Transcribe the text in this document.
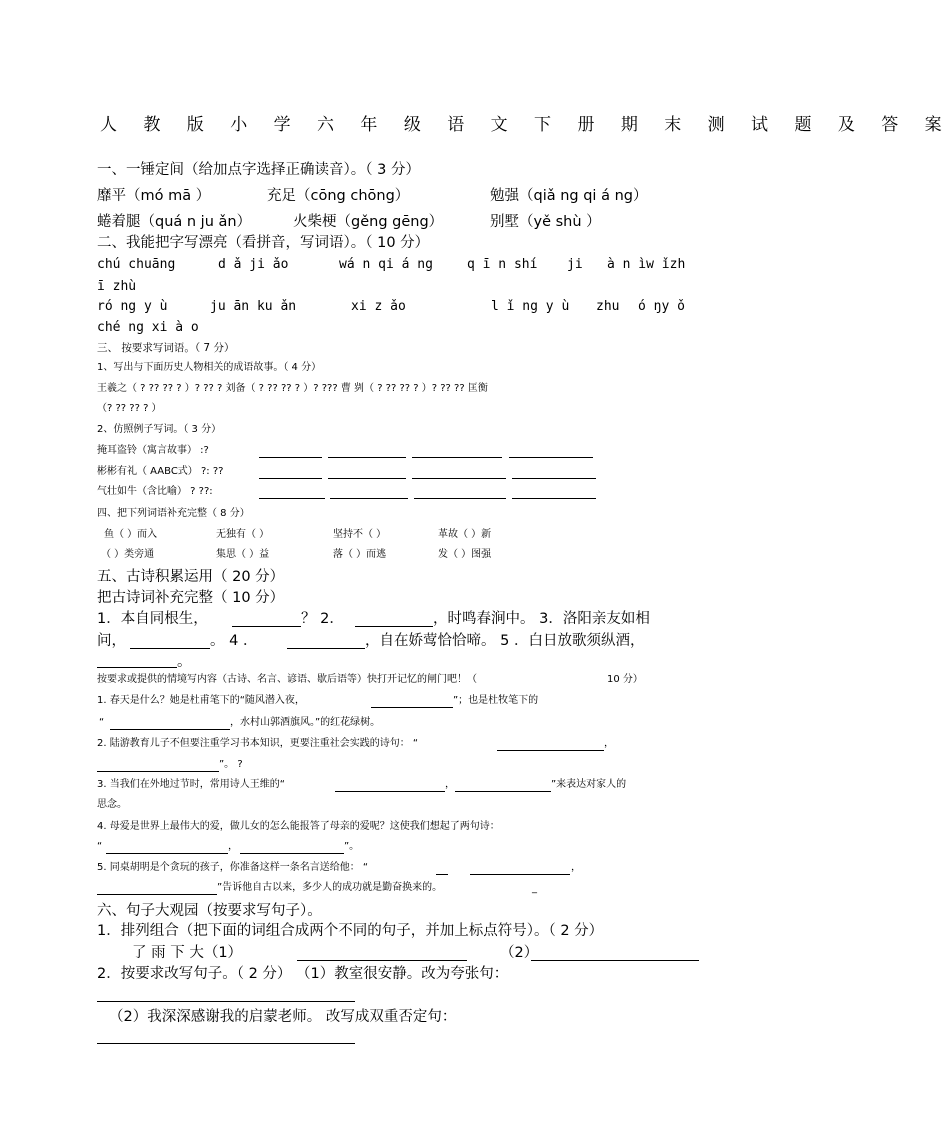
人 教 版 小 学 六 年 级 语 文 下 册 期 末 测 试 题 及 答 案
一、一锤定间（给加点字选择正确读音）。（ 3 分）
靡平（mó mā ）	充足（cōng chōng）	勉强（qiǎ ng qi á ng）
蜷着腿（quá n ju ǎn）	火柴梗（gěng gēng）	别墅（yě shù ）
二、我能把字写漂亮（看拼音，写词语）。（ 10 分）
chú chuāng	d ǎ ji ǎo	wá n qi á ng	q ī n shí ji à n ìw ǐzh
ī zhù
ró ng y ù	ju ān ku ǎn	xi z ǎo	l ǐ ng y ù zhu ó ŋy ǒ
ché ng xi à o
三、 按要求写词语。（ 7 分）
1、写出与下面历史人物相关的成语故事。（ 4 分）
王羲之（ ? ?? ?? ? ）? ?? ? 刘备（ ? ?? ?? ? ）? ??? 曹 刿（ ? ?? ?? ? ）? ?? ?? 匡衡
（? ?? ?? ? ）
2、仿照例子写词。（ 3 分）
掩耳盗铃（寓言故事） :?
彬彬有礼（ AABC式） ?: ??
气壮如牛（含比喻） ? ??:
四、把下列词语补充完整（ 8 分）
鱼（ ）而入	无独有（ ）	坚持不（ ）	革故（ ）新
（ ）类旁通	集思（ ）益	落（ ）而逃	发（ ）图强
五、古诗积累运用（ 20 分）
把古诗词补充完整（ 10 分）
1．本自同根生，	？ 2．	，时鸣春涧中。 3．洛阳亲友如相
问，	。 4 ．	，自在娇莺恰恰啼。 5 ．白日放歌须纵酒，
。
按要求或提供的情境写内容（古诗、名言、谚语、歇后语等）快打开记忆的闸门吧！（	10 分）
1. 春天是什么？她是杜甫笔下的“随风潜入夜，	”；也是杜牧笔下的
“	，水村山郭酒旗风。”的红花绿树。
2. 陆游教育儿子不但要注重学习书本知识，更要注重社会实践的诗句： “	，
”。 ?
3. 当我们在外地过节时，常用诗人王维的“	，	”来表达对家人的
思念。
4. 母爱是世界上最伟大的爱，做儿女的怎么能报答了母亲的爱呢？这使我们想起了两句诗：
“	，	”。
5. 同桌胡明是个贪玩的孩子，你准备这样一条名言送给他： “	，
”告诉他自古以来，多少人的成功就是勤奋换来的。	_
六、句子大观园（按要求写句子）。
1．排列组合（把下面的词组合成两个不同的句子，并加上标点符号）。（ 2 分）
了 雨 下 大（1）	（2）
2．按要求改写句子。（ 2 分） （1）教室很安静。改为夸张句：
（2）我深深感谢我的启蒙老师。 改写成双重否定句：
